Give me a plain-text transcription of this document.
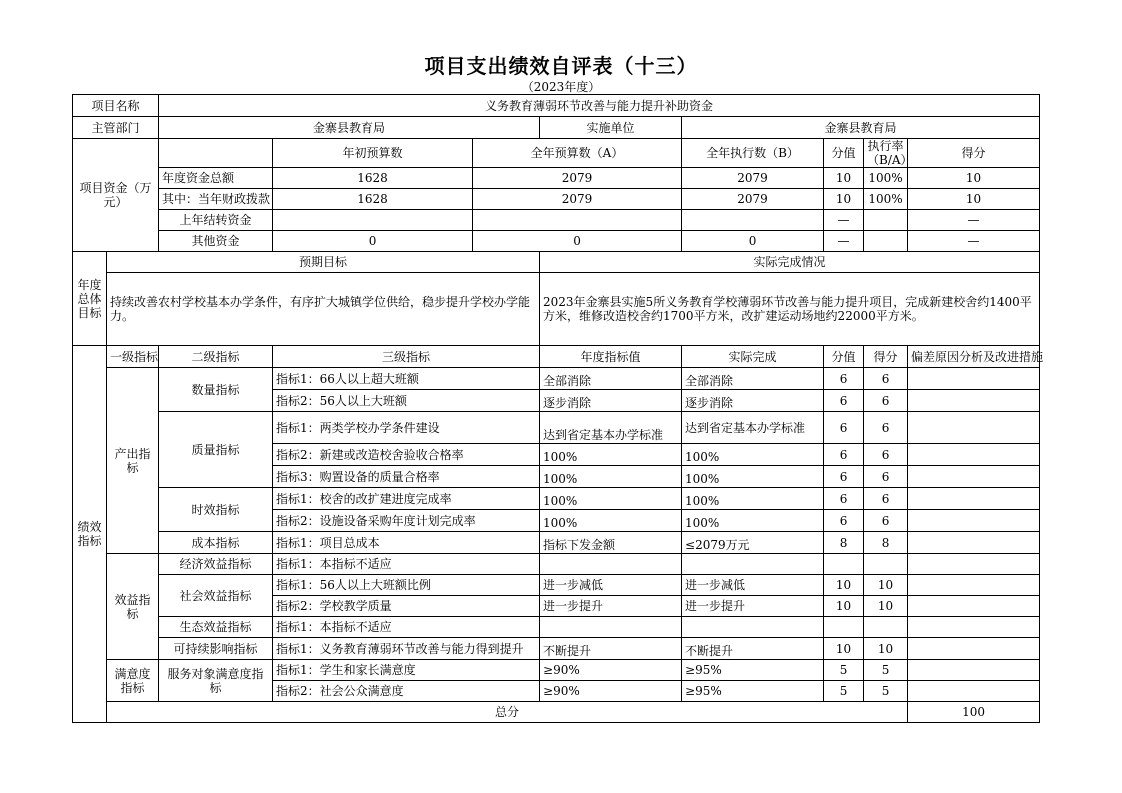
项目支出绩效自评表（十三）
（2023年度）
项目名称		义务教育薄弱环节改善与能力提升补助资金								
主管部门		金寨县教育局			实施单位	金寨县教育局				
项目资金（万元）			年初预算数	全年预算数（A）		全年执行数（B）	分值	执行率（B/A）	得分	
		年度资金总额	1628	2079		2079	10	100%	10	
		其中：当年财政拨款	1628	2079		2079	10	100%	10	
		上年结转资金					—		—	
		其他资金	0	0		0	—		—	
年度总体目标	预期目标				实际完成情况					
	持续改善农村学校基本办学条件，有序扩大城镇学位供给，稳步提升学校办学能力。				2023年金寨县实施5所义务教育学校薄弱环节改善与能力提升项目，完成新建校舍约1400平方米，维修改造校舍约1700平方米，改扩建运动场地约22000平方米。					
绩效指标	一级指标	二级指标	三级指标		年度指标值	实际完成	分值	得分	偏差原因分析及改进措施	
	产出指标	数量指标	指标1：66人以上超大班额		全部消除	全部消除	6	6		
			指标2：56人以上大班额		逐步消除	逐步消除	6	6		
		质量指标	指标1：两类学校办学条件建设		达到省定基本办学标准	达到省定基本办学标准	6	6		
			指标2：新建或改造校舍验收合格率		100%	100%	6	6		
			指标3：购置设备的质量合格率		100%	100%	6	6		
		时效指标	指标1：校舍的改扩建进度完成率		100%	100%	6	6		
			指标2：设施设备采购年度计划完成率		100%	100%	6	6		
		成本指标	指标1：项目总成本		指标下发金额	≤2079万元	8	8		
	效益指标	经济效益指标	指标1：本指标不适应							
		社会效益指标	指标1：56人以上大班额比例		进一步减低	进一步减低	10	10		
			指标2：学校教学质量		进一步提升	进一步提升	10	10		
		生态效益指标	指标1：本指标不适应							
		可持续影响指标	指标1：义务教育薄弱环节改善与能力得到提升		不断提升	不断提升	10	10		
	满意度指标	服务对象满意度指标	指标1：学生和家长满意度		≥90%	≥95%	5	5		
			指标2：社会公众满意度		≥90%	≥95%	5	5		
	总分								100		
